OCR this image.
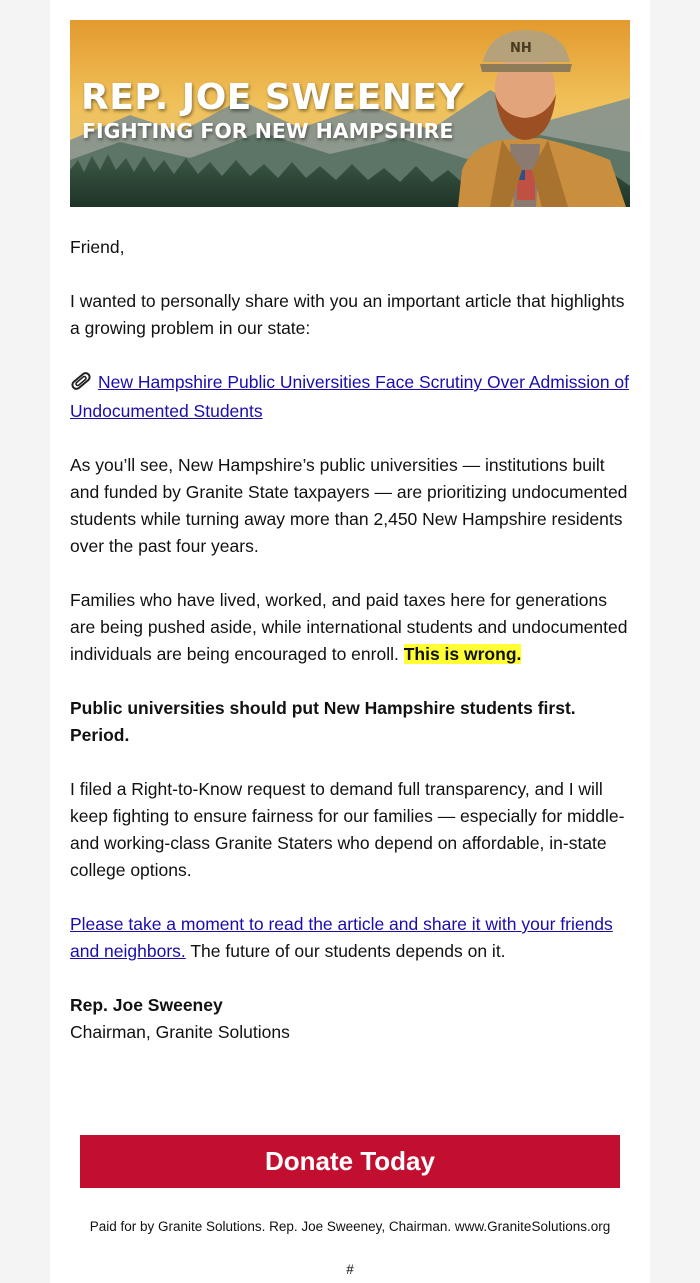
NH
REP. JOE SWEENEY
FIGHTING FOR NEW HAMPSHIRE

Friend,

I wanted to personally share with you an important article that highlights a growing problem in our state:

New Hampshire Public Universities Face Scrutiny Over Admission of Undocumented Students

As you’ll see, New Hampshire’s public universities — institutions built and funded by Granite State taxpayers — are prioritizing undocumented students while turning away more than 2,450 New Hampshire residents over the past four years.

Families who have lived, worked, and paid taxes here for generations are being pushed aside, while international students and undocumented individuals are being encouraged to enroll. This is wrong.

Public universities should put New Hampshire students first. Period.

I filed a Right-to-Know request to demand full transparency, and I will keep fighting to ensure fairness for our families — especially for middle- and working-class Granite Staters who depend on affordable, in-state college options.

Please take a moment to read the article and share it with your friends and neighbors. The future of our students depends on it.

Rep. Joe Sweeney
Chairman, Granite Solutions

Donate Today
Paid for by Granite Solutions. Rep. Joe Sweeney, Chairman. www.GraniteSolutions.org
#
